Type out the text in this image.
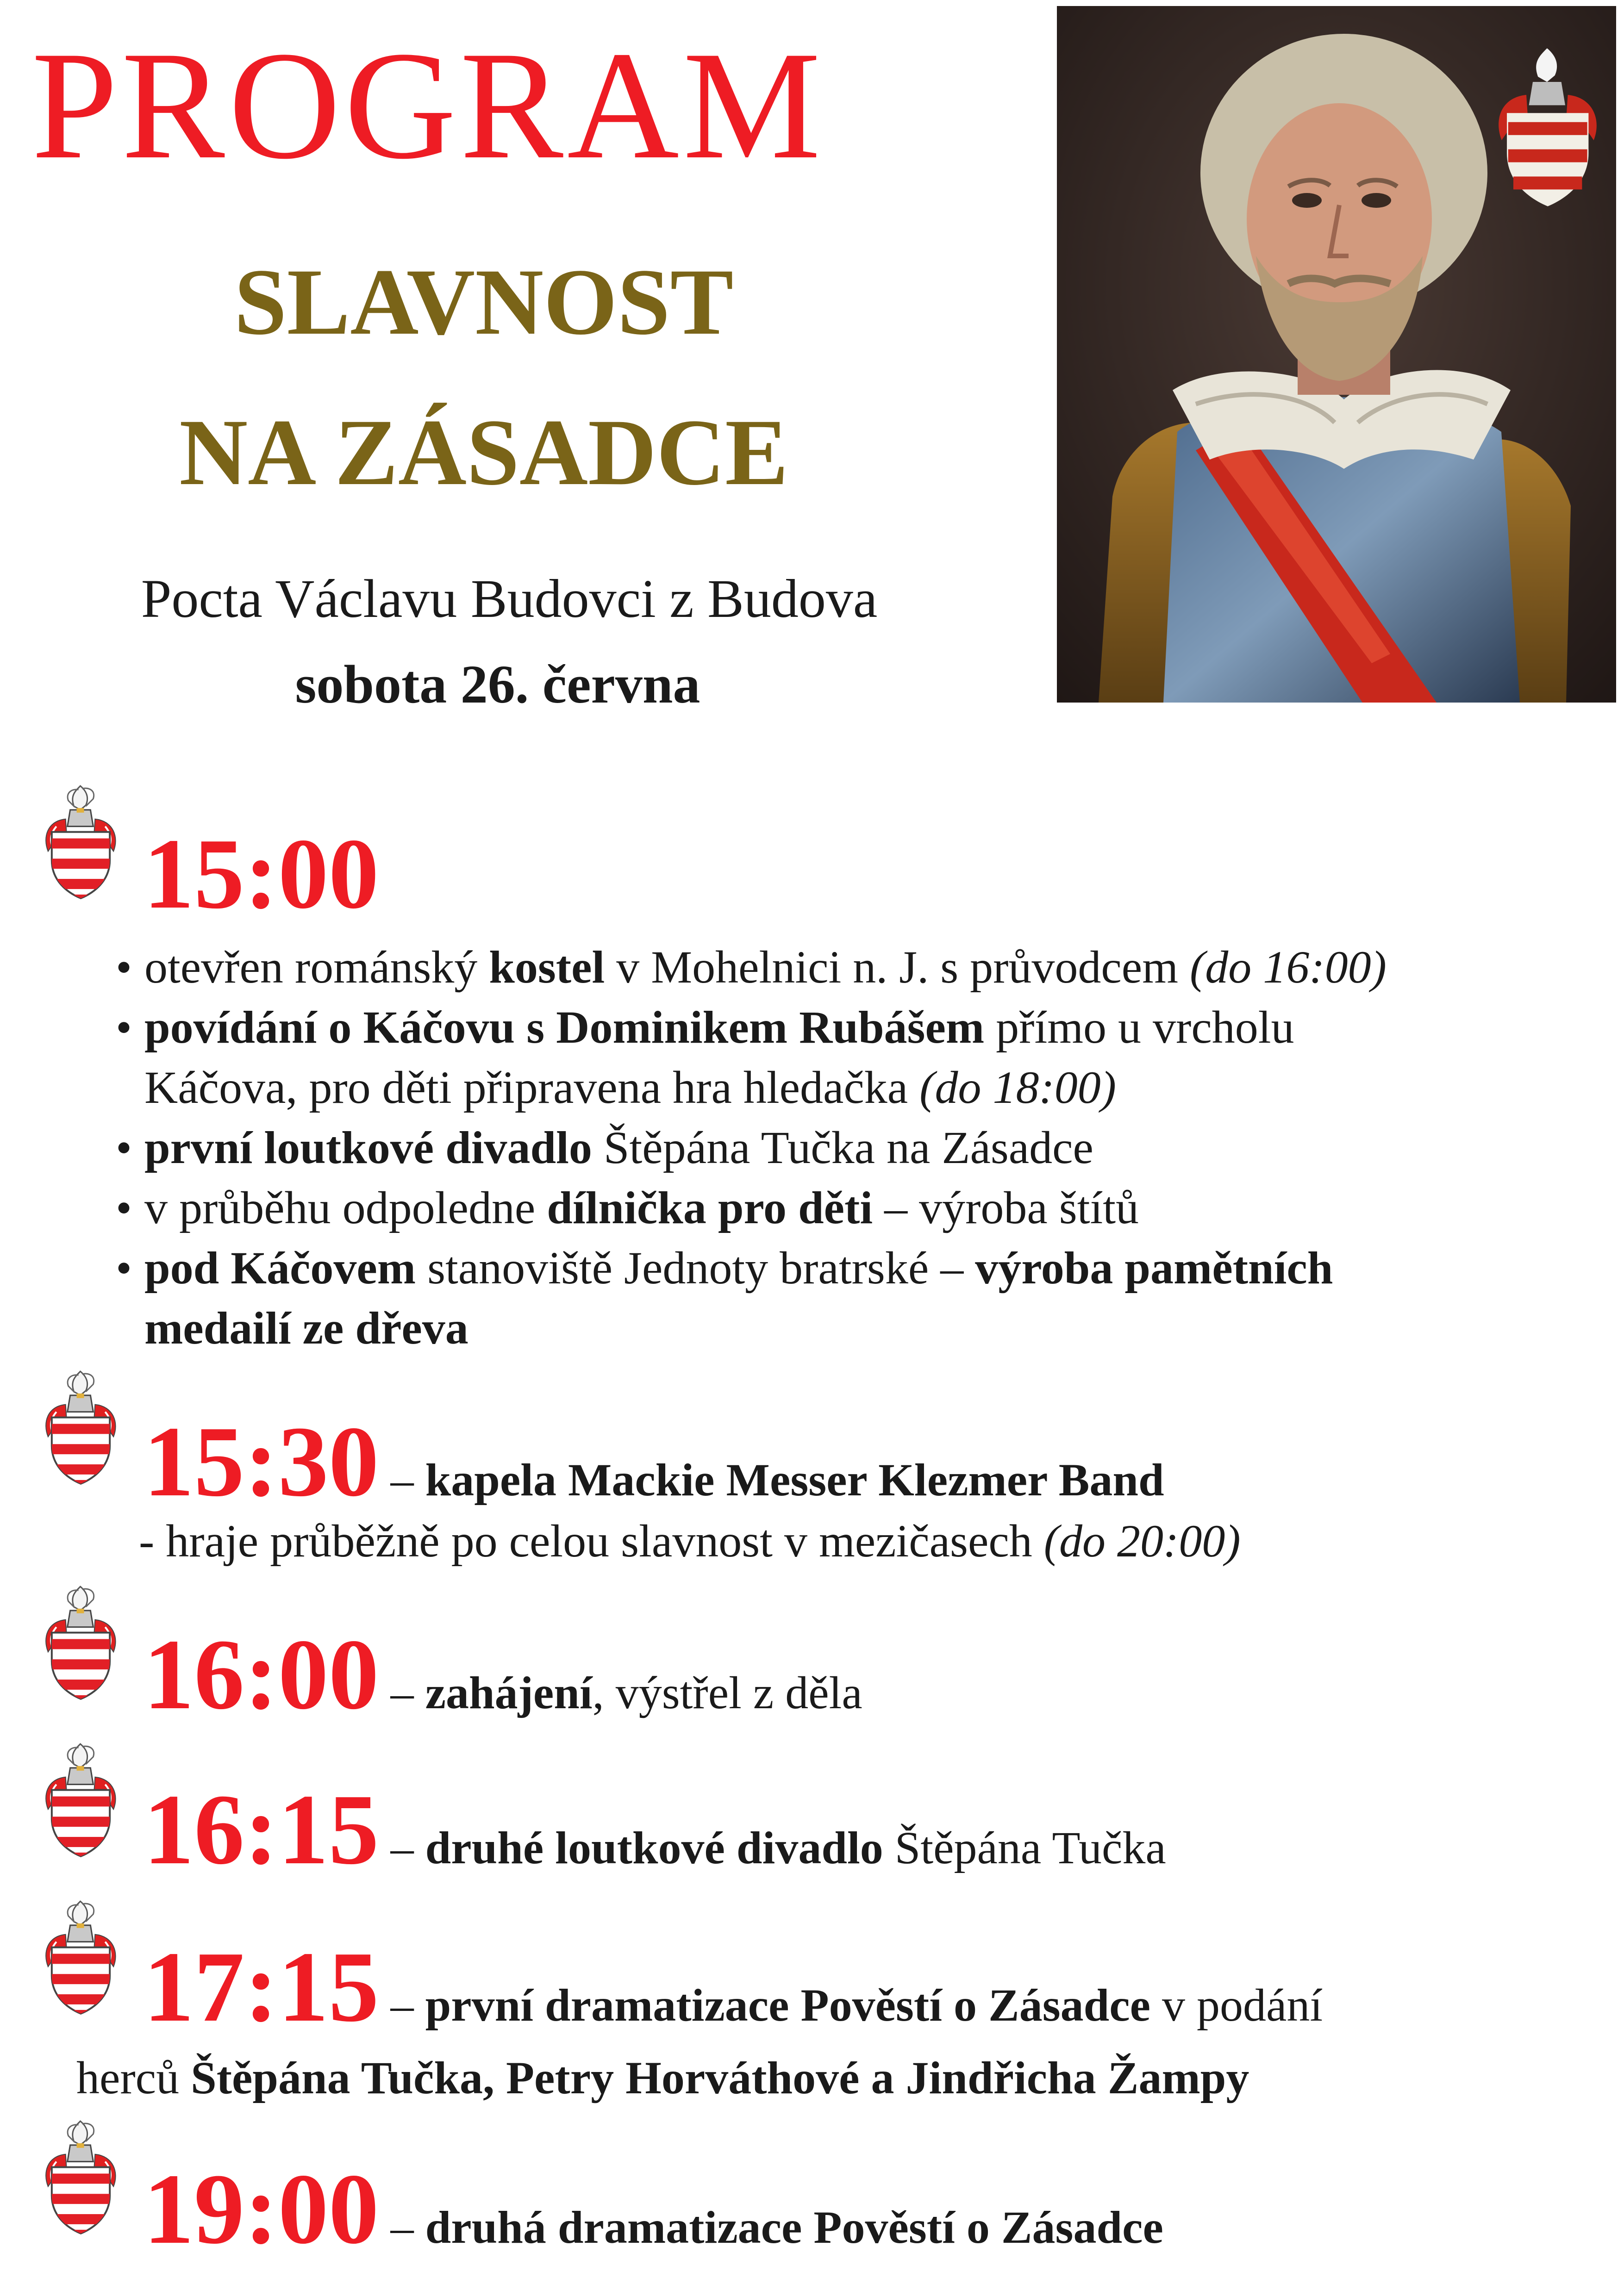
PROGRAM
SLAVNOST
NA ZÁSADCE
Pocta Václavu Budovci z Budova
sobota 26. června
15:00
• otevřen románský kostel v Mohelnici n. J. s průvodcem (do 16:00)
• povídání o Káčovu s Dominikem Rubášem přímo u vrcholu
Káčova, pro děti připravena hra hledačka (do 18:00)
• první loutkové divadlo Štěpána Tučka na Zásadce
• v průběhu odpoledne dílnička pro děti – výroba štítů
• pod Káčovem stanoviště Jednoty bratrské – výroba pamětních
medailí ze dřeva
15:30 – kapela Mackie Messer Klezmer Band
- hraje průběžně po celou slavnost v mezičasech (do 20:00)
16:00 – zahájení, výstřel z děla
16:15 – druhé loutkové divadlo Štěpána Tučka
17:15 – první dramatizace Pověstí o Zásadce v podání
herců Štěpána Tučka, Petry Horváthové a Jindřicha Žampy
19:00 – druhá dramatizace Pověstí o Zásadce
